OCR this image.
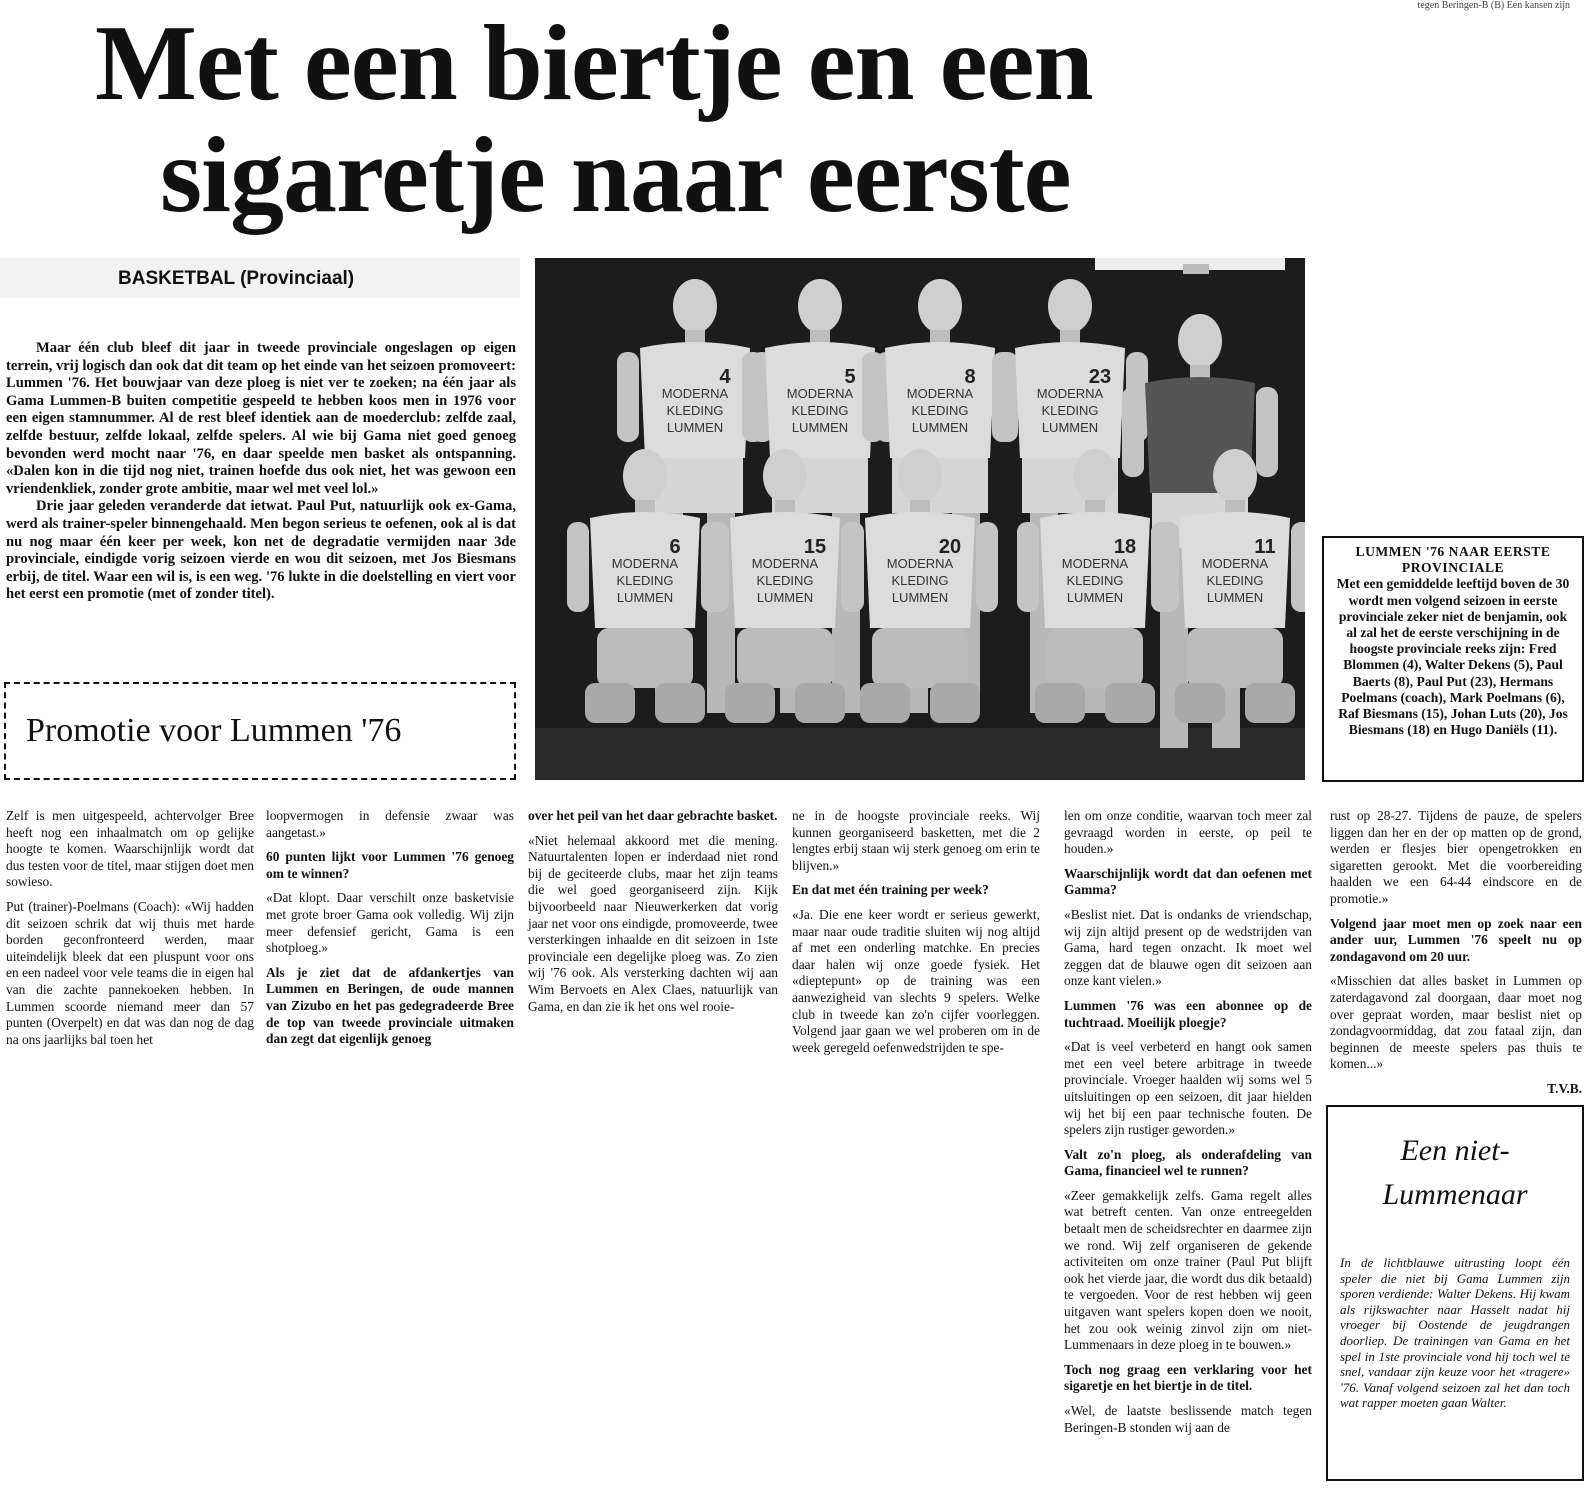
tegen Beringen-B (B) Een kansen zijn
Met een biertje en een
sigaretje naar eerste
BASKETBAL (Provinciaal)

Maar één club bleef dit jaar in tweede provinciale ongeslagen op eigen terrein, vrij logisch dan ook dat dit team op het einde van het seizoen promoveert: Lummen '76. Het bouwjaar van deze ploeg is niet ver te zoeken; na één jaar als Gama Lummen-B buiten competitie gespeeld te hebben koos men in 1976 voor een eigen stamnummer. Al de rest bleef identiek aan de moederclub: zelfde zaal, zelfde bestuur, zelfde lokaal, zelfde spelers. Al wie bij Gama niet goed genoeg bevonden werd mocht naar '76, en daar speelde men basket als ontspanning. «Dalen kon in die tijd nog niet, trainen hoefde dus ook niet, het was gewoon een vriendenkliek, zonder grote ambitie, maar wel met veel lol.»

Drie jaar geleden veranderde dat ietwat. Paul Put, natuurlijk ook ex-Gama, werd als trainer-speler binnengehaald. Men begon serieus te oefenen, ook al is dat nu nog maar één keer per week, kon net de degradatie vermijden naar 3de provinciale, eindigde vorig seizoen vierde en wou dit seizoen, met Jos Biesmans erbij, de titel. Waar een wil is, is een weg. '76 lukte in die doelstelling en viert voor het eerst een promotie (met of zonder titel).

MODERNA
KLEDING
LUMMEN
4
MODERNA
KLEDING
LUMMEN
5
MODERNA
KLEDING
LUMMEN
8
MODERNA
KLEDING
LUMMEN
23
MODERNA
KLEDING
LUMMEN
6
MODERNA
KLEDING
LUMMEN
15
MODERNA
KLEDING
LUMMEN
20
MODERNA
KLEDING
LUMMEN
18
MODERNA
KLEDING
LUMMEN
11
Promotie voor Lummen '76
LUMMEN '76 NAAR EERSTE PROVINCIALE
Met een gemiddelde leeftijd boven de 30 wordt men volgend seizoen in eerste provinciale zeker niet de benjamin, ook al zal het de eerste verschijning in de hoogste provinciale reeks zijn: Fred Blommen (4), Walter Dekens (5), Paul Baerts (8), Paul Put (23), Hermans Poelmans (coach), Mark Poelmans (6), Raf Biesmans (15), Johan Luts (20), Jos Biesmans (18) en Hugo Daniëls (11).

Zelf is men uitgespeeld, achtervolger Bree heeft nog een inhaalmatch om op gelijke hoogte te komen. Waarschijnlijk wordt dat dus testen voor de titel, maar stijgen doet men sowieso.

Put (trainer)-Poelmans (Coach): «Wij hadden dit seizoen schrik dat wij thuis met harde borden geconfronteerd werden, maar uiteindelijk bleek dat een pluspunt voor ons en een nadeel voor vele teams die in eigen hal van die zachte pannekoeken hebben. In Lummen scoorde niemand meer dan 57 punten (Overpelt) en dat was dan nog de dag na ons jaarlijks bal toen het

loopvermogen in defensie zwaar was aangetast.»

60 punten lijkt voor Lummen '76 genoeg om te winnen?

«Dat klopt. Daar verschilt onze basketvisie met grote broer Gama ook volledig. Wij zijn meer defensief gericht, Gama is een shotploeg.»

Als je ziet dat de afdankertjes van Lummen en Beringen, de oude mannen van Zizubo en het pas gedegradeerde Bree de top van tweede provinciale uitmaken dan zegt dat eigenlijk genoeg

over het peil van het daar gebrachte basket.

«Niet helemaal akkoord met die mening. Natuurtalenten lopen er inderdaad niet rond bij de geciteerde clubs, maar het zijn teams die wel goed georganiseerd zijn. Kijk bijvoorbeeld naar Nieuwerkerken dat vorig jaar net voor ons eindigde, promoveerde, twee versterkingen inhaalde en dit seizoen in 1ste provinciale een degelijke ploeg was. Zo zien wij '76 ook. Als versterking dachten wij aan Wim Bervoets en Alex Claes, natuurlijk van Gama, en dan zie ik het ons wel rooie-

ne in de hoogste provinciale reeks. Wij kunnen georganiseerd basketten, met die 2 lengtes erbij staan wij sterk genoeg om erin te blijven.»

En dat met één training per week?

«Ja. Die ene keer wordt er serieus gewerkt, maar naar oude traditie sluiten wij nog altijd af met een onderling matchke. En precies daar halen wij onze goede fysiek. Het «dieptepunt» op de training was een aanwezigheid van slechts 9 spelers. Welke club in tweede kan zo'n cijfer voorleggen. Volgend jaar gaan we wel proberen om in de week geregeld oefenwedstrijden te spe-

len om onze conditie, waarvan toch meer zal gevraagd worden in eerste, op peil te houden.»

Waarschijnlijk wordt dat dan oefenen met Gamma?

«Beslist niet. Dat is ondanks de vriendschap, wij zijn altijd present op de wedstrijden van Gama, hard tegen onzacht. Ik moet wel zeggen dat de blauwe ogen dit seizoen aan onze kant vielen.»

Lummen '76 was een abonnee op de tuchtraad. Moeilijk ploegje?

«Dat is veel verbeterd en hangt ook samen met een veel betere arbitrage in tweede provinciale. Vroeger haalden wij soms wel 5 uitsluitingen op een seizoen, dit jaar hielden wij het bij een paar technische fouten. De spelers zijn rustiger geworden.»

Valt zo'n ploeg, als onderafdeling van Gama, financieel wel te runnen?

«Zeer gemakkelijk zelfs. Gama regelt alles wat betreft centen. Van onze entreegelden betaalt men de scheidsrechter en daarmee zijn we rond. Wij zelf organiseren de gekende activiteiten om onze trainer (Paul Put blijft ook het vierde jaar, die wordt dus dik betaald) te vergoeden. Voor de rest hebben wij geen uitgaven want spelers kopen doen we nooit, het zou ook weinig zinvol zijn om niet-Lummenaars in deze ploeg in te bouwen.»

Toch nog graag een verklaring voor het sigaretje en het biertje in de titel.

«Wel, de laatste beslissende match tegen Beringen-B stonden wij aan de

rust op 28-27. Tijdens de pauze, de spelers liggen dan her en der op matten op de grond, werden er flesjes bier opengetrokken en sigaretten gerookt. Met die voorbereiding haalden we een 64-44 eindscore en de promotie.»

Volgend jaar moet men op zoek naar een ander uur, Lummen '76 speelt nu op zondagavond om 20 uur.

«Misschien dat alles basket in Lummen op zaterdagavond zal doorgaan, daar moet nog over gepraat worden, maar beslist niet op zondagvoormiddag, dat zou fataal zijn, dan beginnen de meeste spelers pas thuis te komen...»

T.V.B.

Een niet-
Lummenaar
In de lichtblauwe uitrusting loopt één speler die niet bij Gama Lummen zijn sporen verdiende: Walter Dekens. Hij kwam als rijkswachter naar Hasselt nadat hij vroeger bij Oostende de jeugdrangen doorliep. De trainingen van Gama en het spel in 1ste provinciale vond hij toch wel te snel, vandaar zijn keuze voor het «tragere» '76. Vanaf volgend seizoen zal het dan toch wat rapper moeten gaan Walter.
